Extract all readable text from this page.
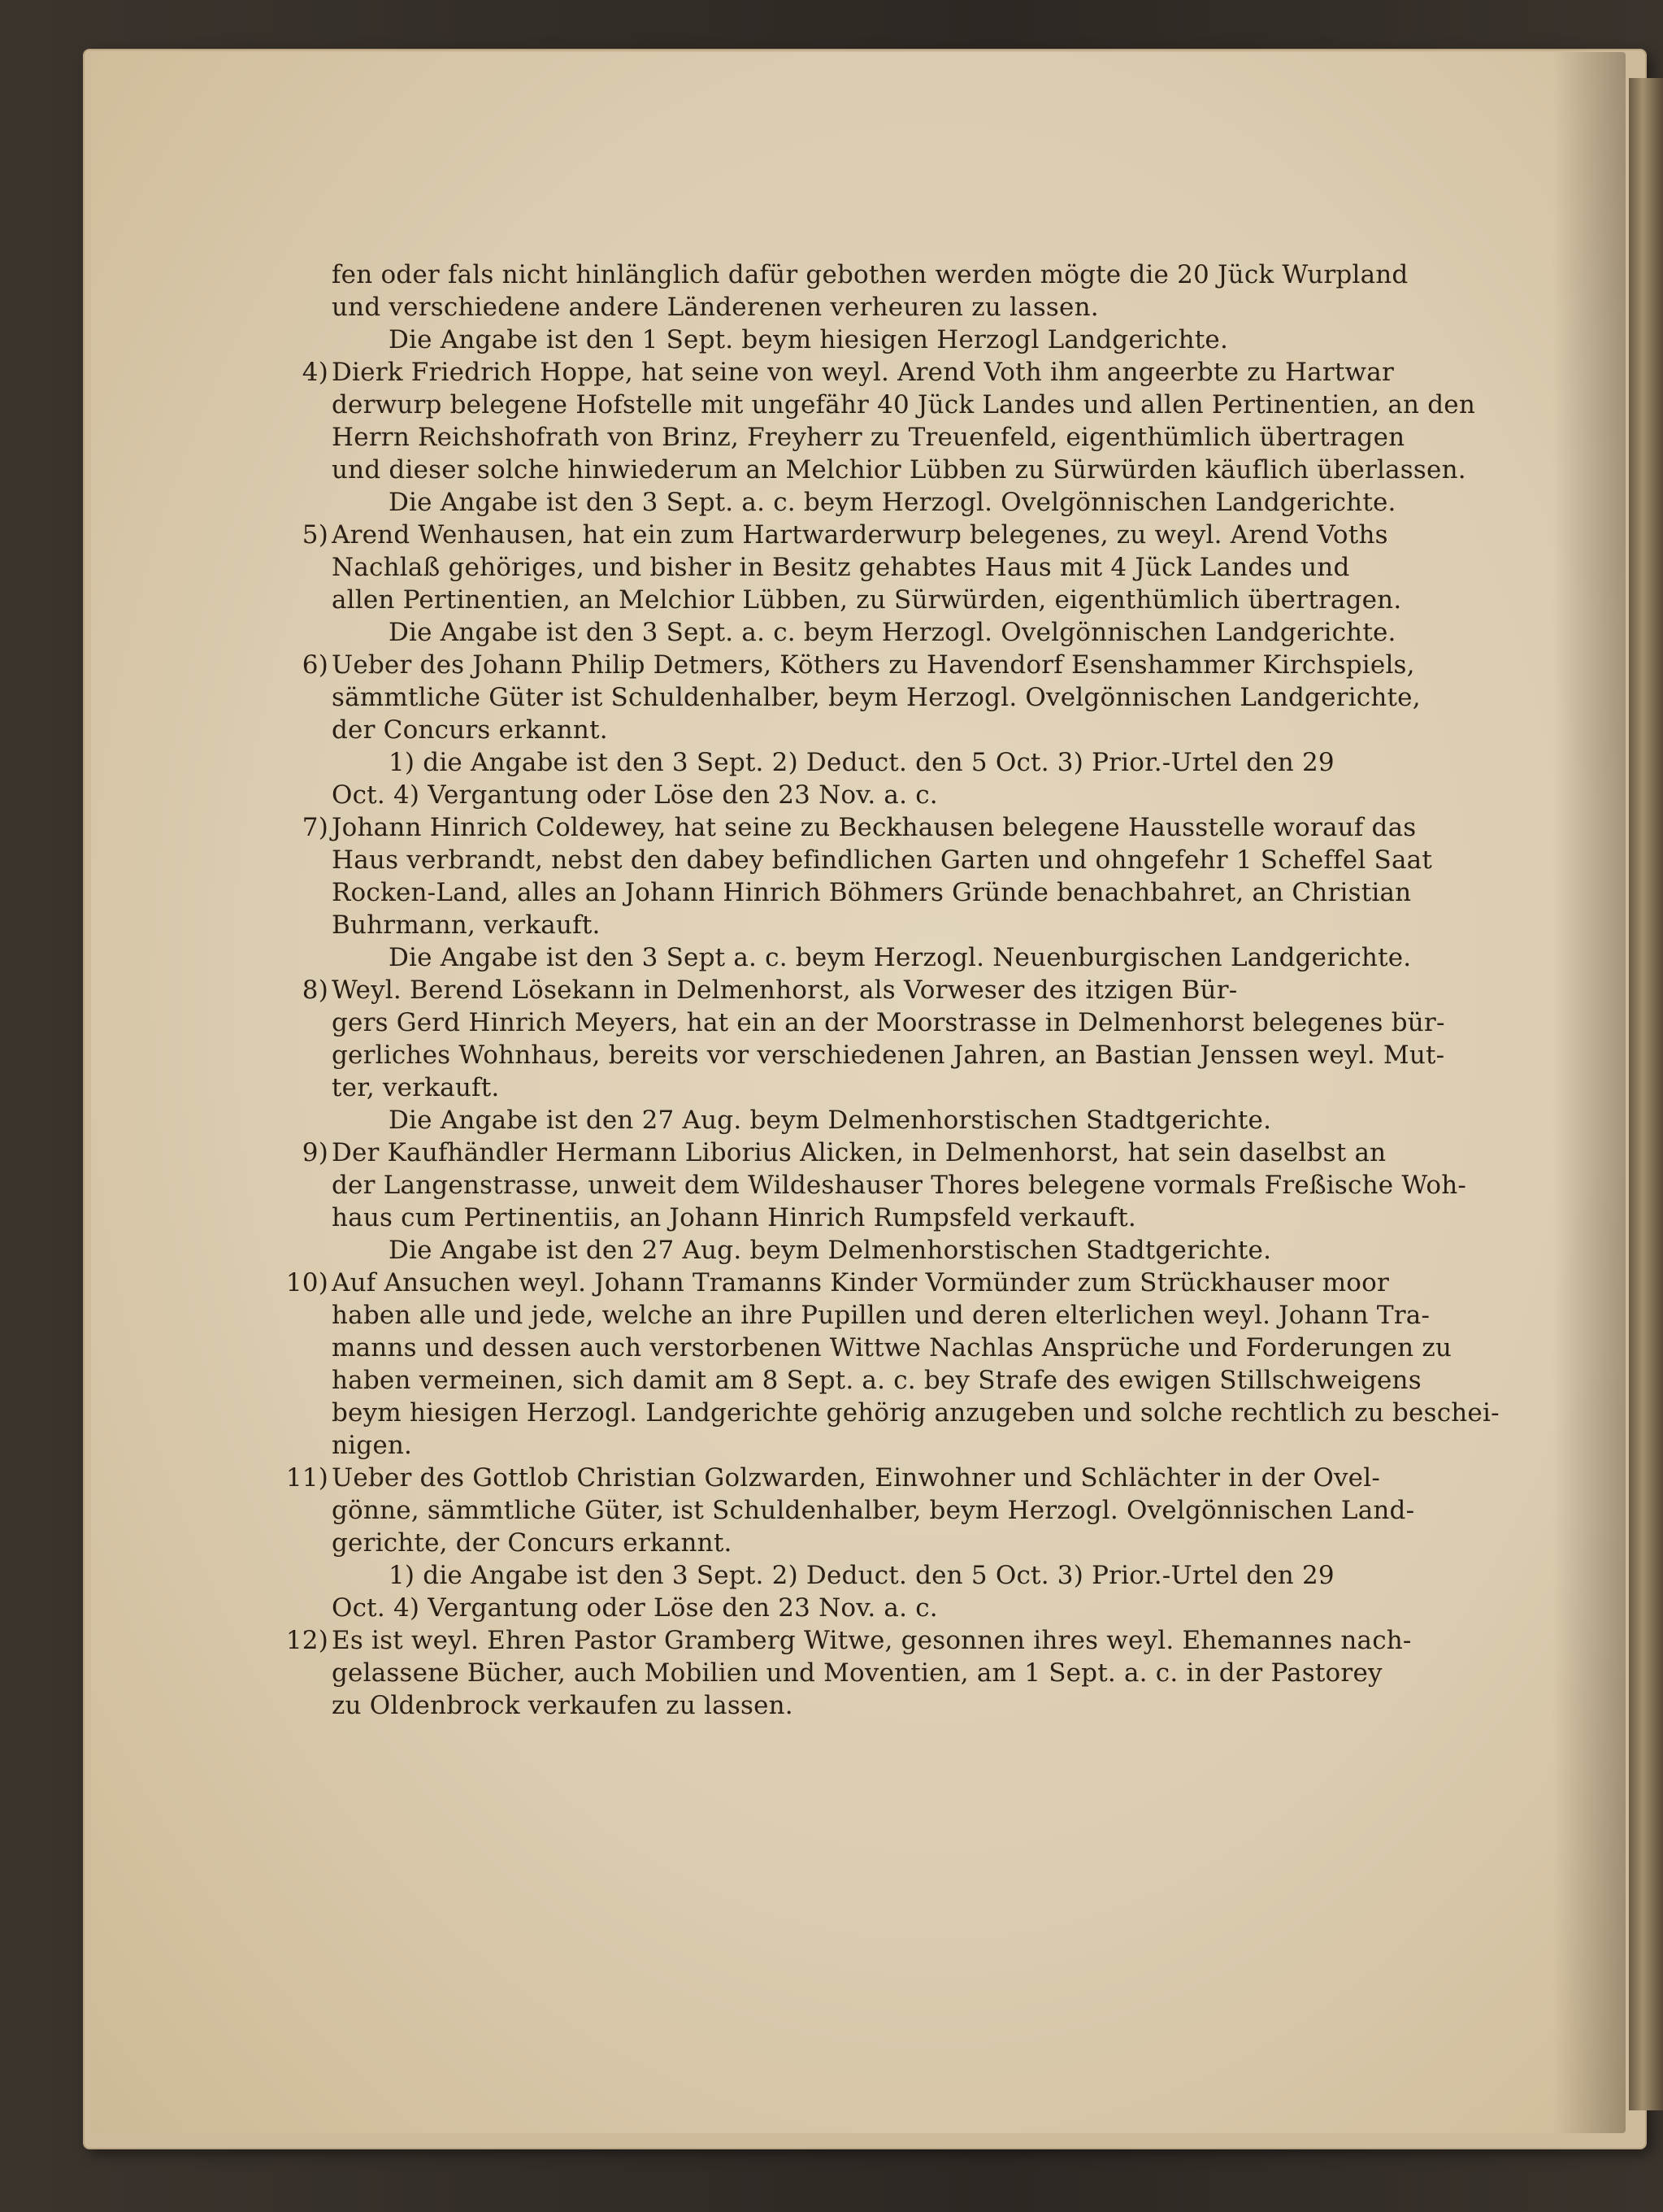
fen oder fals nicht hinlänglich dafür gebothen werden mögte die 20 Jück Wurpland
und verschiedene andere Länderenen verheuren zu lassen.
Die Angabe ist den 1 Sept. beym hiesigen Herzogl Landgerichte.
4) Dierk Friedrich Hoppe, hat seine von weyl. Arend Voth ihm angeerbte zu Hartwar
derwurp belegene Hofstelle mit ungefähr 40 Jück Landes und allen Pertinentien, an den
Herrn Reichshofrath von Brinz, Freyherr zu Treuenfeld, eigenthümlich übertragen
und dieser solche hinwiederum an Melchior Lübben zu Sürwürden käuflich überlassen.
Die Angabe ist den 3 Sept. a. c. beym Herzogl. Ovelgönnischen Landgerichte.
5) Arend Wenhausen, hat ein zum Hartwarderwurp belegenes, zu weyl. Arend Voths
Nachlaß gehöriges, und bisher in Besitz gehabtes Haus mit 4 Jück Landes und
allen Pertinentien, an Melchior Lübben, zu Sürwürden, eigenthümlich übertragen.
Die Angabe ist den 3 Sept. a. c. beym Herzogl. Ovelgönnischen Landgerichte.
6) Ueber des Johann Philip Detmers, Köthers zu Havendorf Esenshammer Kirchspiels,
sämmtliche Güter ist Schuldenhalber, beym Herzogl. Ovelgönnischen Landgerichte,
der Concurs erkannt.
1) die Angabe ist den 3 Sept. 2) Deduct. den 5 Oct. 3) Prior.-Urtel den 29
Oct. 4) Vergantung oder Löse den 23 Nov. a. c.
7) Johann Hinrich Coldewey, hat seine zu Beckhausen belegene Hausstelle worauf das
Haus verbrandt, nebst den dabey befindlichen Garten und ohngefehr 1 Scheffel Saat
Rocken-Land, alles an Johann Hinrich Böhmers Gründe benachbahret, an Christian
Buhrmann, verkauft.
Die Angabe ist den 3 Sept a. c. beym Herzogl. Neuenburgischen Landgerichte.
8) Weyl. Berend Lösekann in Delmenhorst, als Vorweser des itzigen Bür-
gers Gerd Hinrich Meyers, hat ein an der Moorstrasse in Delmenhorst belegenes bür-
gerliches Wohnhaus, bereits vor verschiedenen Jahren, an Bastian Jenssen weyl. Mut-
ter, verkauft.
Die Angabe ist den 27 Aug. beym Delmenhorstischen Stadtgerichte.
9) Der Kaufhändler Hermann Liborius Alicken, in Delmenhorst, hat sein daselbst an
der Langenstrasse, unweit dem Wildeshauser Thores belegene vormals Freßische Woh-
haus cum Pertinentiis, an Johann Hinrich Rumpsfeld verkauft.
Die Angabe ist den 27 Aug. beym Delmenhorstischen Stadtgerichte.
10) Auf Ansuchen weyl. Johann Tramanns Kinder Vormünder zum Strückhauser moor
haben alle und jede, welche an ihre Pupillen und deren elterlichen weyl. Johann Tra-
manns und dessen auch verstorbenen Wittwe Nachlas Ansprüche und Forderungen zu
haben vermeinen, sich damit am 8 Sept. a. c. bey Strafe des ewigen Stillschweigens
beym hiesigen Herzogl. Landgerichte gehörig anzugeben und solche rechtlich zu beschei-
nigen.
11) Ueber des Gottlob Christian Golzwarden, Einwohner und Schlächter in der Ovel-
gönne, sämmtliche Güter, ist Schuldenhalber, beym Herzogl. Ovelgönnischen Land-
gerichte, der Concurs erkannt.
1) die Angabe ist den 3 Sept. 2) Deduct. den 5 Oct. 3) Prior.-Urtel den 29
Oct. 4) Vergantung oder Löse den 23 Nov. a. c.
12) Es ist weyl. Ehren Pastor Gramberg Witwe, gesonnen ihres weyl. Ehemannes nach-
gelassene Bücher, auch Mobilien und Moventien, am 1 Sept. a. c. in der Pastorey
zu Oldenbrock verkaufen zu lassen.
